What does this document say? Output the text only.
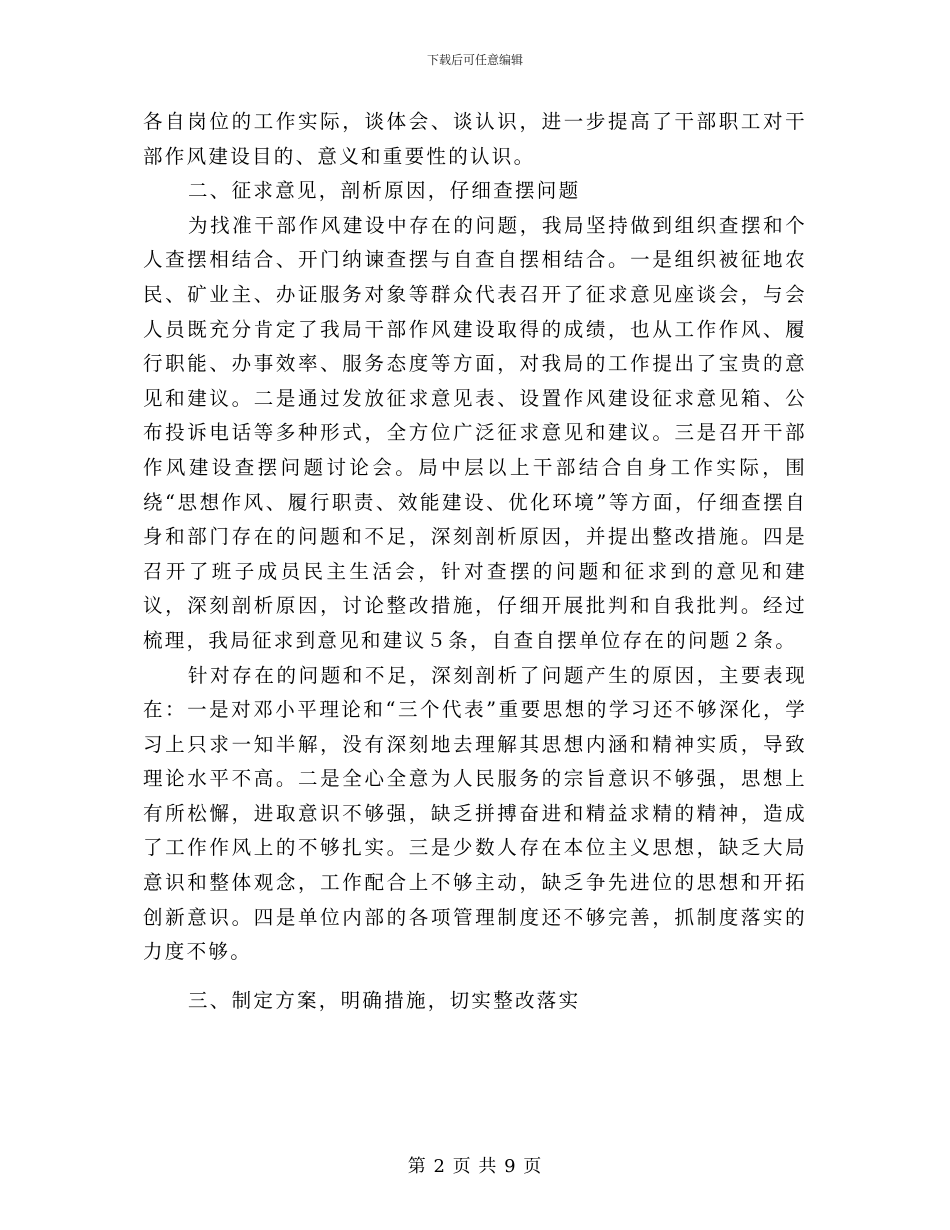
下载后可任意编辑

各自岗位的工作实际，谈体会、谈认识，进一步提高了干部职工对干部作风建设目的、意义和重要性的认识。

二、征求意见，剖析原因，仔细查摆问题

为找准干部作风建设中存在的问题，我局坚持做到组织查摆和个人查摆相结合、开门纳谏查摆与自查自摆相结合。一是组织被征地农民、矿业主、办证服务对象等群众代表召开了征求意见座谈会，与会人员既充分肯定了我局干部作风建设取得的成绩，也从工作作风、履行职能、办事效率、服务态度等方面，对我局的工作提出了宝贵的意见和建议。二是通过发放征求意见表、设置作风建设征求意见箱、公布投诉电话等多种形式，全方位广泛征求意见和建议。三是召开干部作风建设查摆问题讨论会。局中层以上干部结合自身工作实际，围绕“思想作风、履行职责、效能建设、优化环境”等方面，仔细查摆自身和部门存在的问题和不足，深刻剖析原因，并提出整改措施。四是召开了班子成员民主生活会，针对查摆的问题和征求到的意见和建议，深刻剖析原因，讨论整改措施，仔细开展批判和自我批判。经过梳理，我局征求到意见和建议５条，自查自摆单位存在的问题２条。

针对存在的问题和不足，深刻剖析了问题产生的原因，主要表现在：一是对邓小平理论和“三个代表”重要思想的学习还不够深化，学习上只求一知半解，没有深刻地去理解其思想内涵和精神实质，导致理论水平不高。二是全心全意为人民服务的宗旨意识不够强，思想上有所松懈，进取意识不够强，缺乏拼搏奋进和精益求精的精神，造成了工作作风上的不够扎实。三是少数人存在本位主义思想，缺乏大局意识和整体观念，工作配合上不够主动，缺乏争先进位的思想和开拓创新意识。四是单位内部的各项管理制度还不够完善，抓制度落实的力度不够。

三、制定方案，明确措施，切实整改落实

第 2 页 共 9 页
